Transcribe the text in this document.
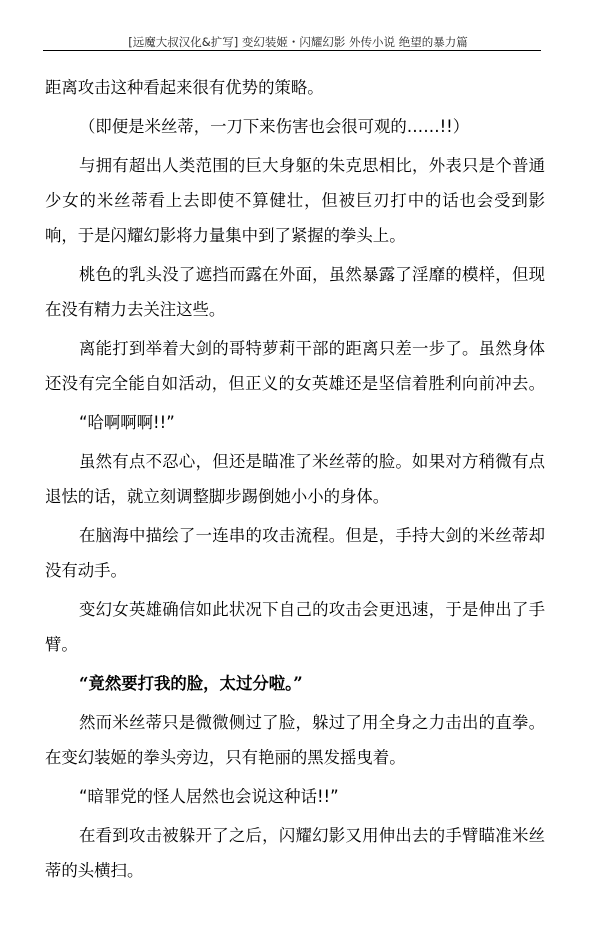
[远魔大叔汉化&扩写] 变幻装姬・闪耀幻影 外传小说 绝望的暴力篇

距离攻击这种看起来很有优势的策略。

（即便是米丝蒂，一刀下来伤害也会很可观的……!!）

与拥有超出人类范围的巨大身躯的朱克思相比，外表只是个普通
少女的米丝蒂看上去即使不算健壮，但被巨刃打中的话也会受到影
响，于是闪耀幻影将力量集中到了紧握的拳头上。

桃色的乳头没了遮挡而露在外面，虽然暴露了淫靡的模样，但现
在没有精力去关注这些。

离能打到举着大剑的哥特萝莉干部的距离只差一步了。虽然身体
还没有完全能自如活动，但正义的女英雄还是坚信着胜利向前冲去。

“哈啊啊啊!!”

虽然有点不忍心，但还是瞄准了米丝蒂的脸。如果对方稍微有点
退怯的话，就立刻调整脚步踢倒她小小的身体。

在脑海中描绘了一连串的攻击流程。但是，手持大剑的米丝蒂却
没有动手。

变幻女英雄确信如此状况下自己的攻击会更迅速，于是伸出了手
臂。

“竟然要打我的脸，太过分啦。”

然而米丝蒂只是微微侧过了脸，躲过了用全身之力击出的直拳。
在变幻装姬的拳头旁边，只有艳丽的黑发摇曳着。

“暗罪党的怪人居然也会说这种话!!”

在看到攻击被躲开了之后，闪耀幻影又用伸出去的手臂瞄准米丝
蒂的头横扫。
